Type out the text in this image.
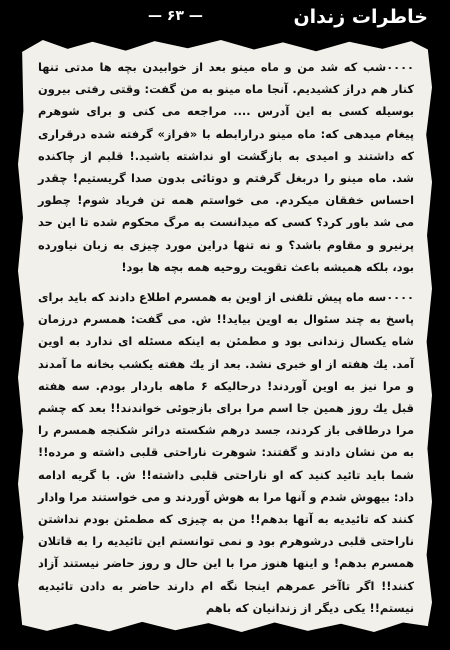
خاطرات زندان
— ۶۳ —

۰۰۰۰شب که شد من و ماه مینو بعد از خوابیدن بچه ها مدتی تنها کنار هم دراز کشیدیم. آنجا ماه مینو به من گفت: وقتی رفتی بیرون بوسیله کسی به این آدرس .... مراجعه می کنی و برای شوهرم پیغام میدهی که: ماه مینو درارابطه با «فراز» گرفته شده درقراری که داشتند و امیدی به بازگشت او نداشته باشید.! قلبم از چاکنده شد. ماه مینو را دربغل گرفتم و دوتائی بدون صدا گریستیم! چقدر احساس خفقان میکردم. می خواستم همه تن فریاد شوم! چطور می شد باور کرد؟ کسی که میدانست به مرگ محکوم شده تا این حد پرنیرو و مقاوم باشد؟ و نه تنها دراین مورد چیزی به زبان نیاورده بود، بلکه همیشه باعث تقویت روحیه همه بچه ها بود!

۰۰۰۰سه ماه پیش تلفنی از اوین به همسرم اطلاع دادند که باید برای پاسخ به چند سئوال به اوین بیاید!! ش. می گفت: همسرم درزمان شاه یکسال زندانی بود و مطمئن به اینکه مسئله ای ندارد به اوین آمد. یك هفته از او خبری نشد. بعد از یك هفته یکشب بخانه ما آمدند و مرا نیز به اوین آوردند! درحالیکه ۶ ماهه باردار بودم. سه هفته قبل یك روز همین جا اسم مرا برای بازجوئی خواندند!! بعد که چشم مرا درطاقی باز کردند، جسد درهم شکسته دراثر شکنجه همسرم را به من نشان دادند و گفتند: شوهرت ناراحتی قلبی داشته و مرده!! شما باید تائید کنید که او ناراحتی قلبی داشته!! ش. با گریه ادامه داد: بیهوش شدم و آنها مرا به هوش آوردند و می خواستند مرا وادار کنند که تائیدیه به آنها بدهم!! من به چیزی که مطمئن بودم نداشتن ناراحتی قلبی درشوهرم بود و نمی توانستم این تائیدیه را به قاتلان همسرم بدهم! و اینها هنوز مرا با این حال و روز حاضر نیستند آزاد کنند!! اگر تاآخر عمرهم اینجا نگه ام دارند حاضر به دادن تائیدیه نیستم!! یکی دیگر از زندانیان که باهم
